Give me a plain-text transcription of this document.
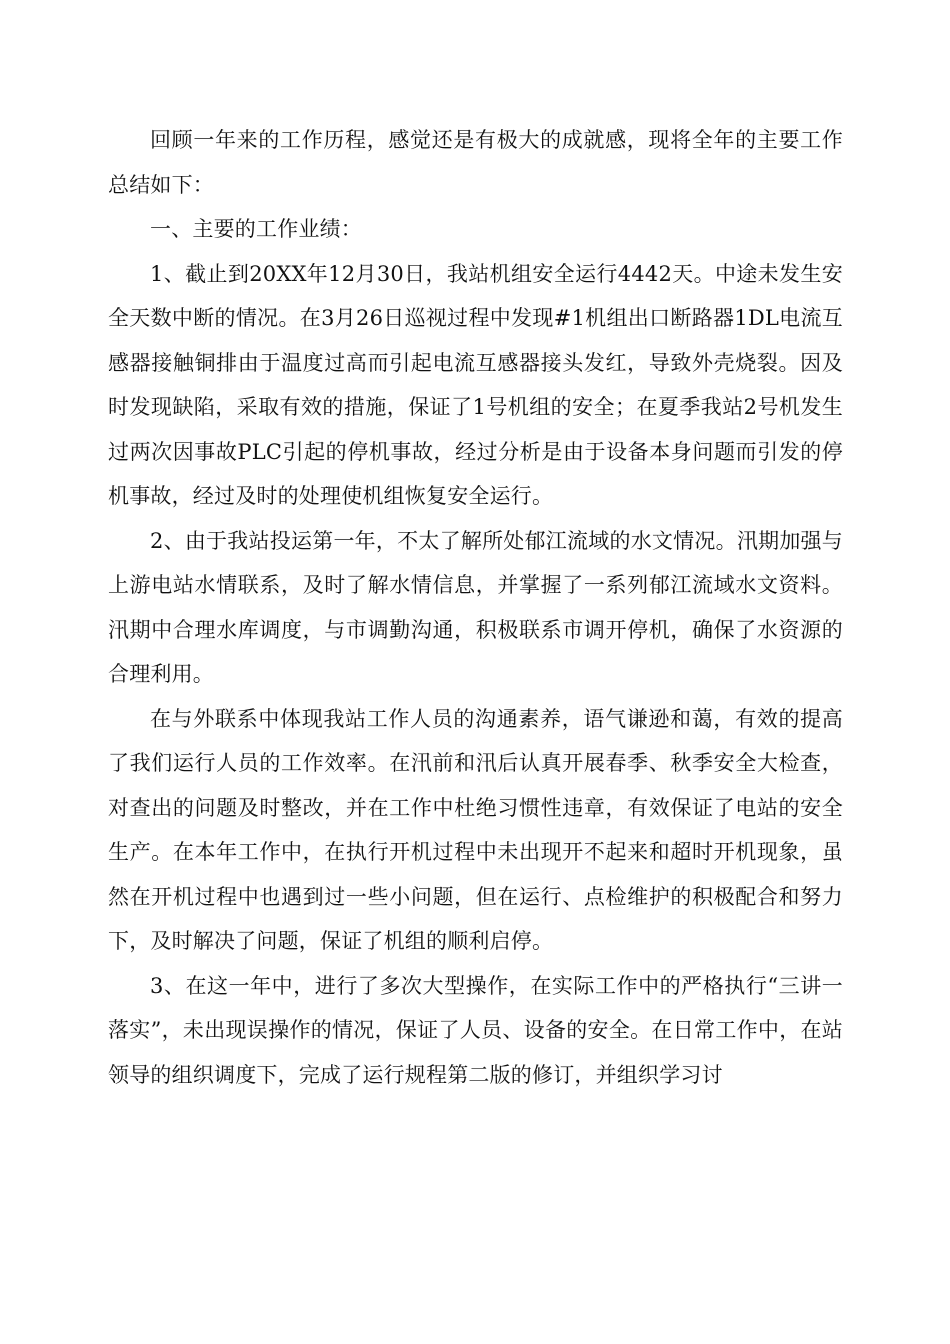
回顾一年来的工作历程，感觉还是有极大的成就感，现将全年的主要工作总结如下：

一、主要的工作业绩：

1、截止到20XX年12月30日，我站机组安全运行4442天。中途未发生安全天数中断的情况。在3月26日巡视过程中发现#1机组出口断路器1DL电流互感器接触铜排由于温度过高而引起电流互感器接头发红，导致外壳烧裂。因及时发现缺陷，采取有效的措施，保证了1号机组的安全；在夏季我站2号机发生过两次因事故PLC引起的停机事故，经过分析是由于设备本身问题而引发的停机事故，经过及时的处理使机组恢复安全运行。

2、由于我站投运第一年，不太了解所处郁江流域的水文情况。汛期加强与上游电站水情联系，及时了解水情信息，并掌握了一系列郁江流域水文资料。汛期中合理水库调度，与市调勤沟通，积极联系市调开停机，确保了水资源的合理利用。

在与外联系中体现我站工作人员的沟通素养，语气谦逊和蔼，有效的提高了我们运行人员的工作效率。在汛前和汛后认真开展春季、秋季安全大检查，对查出的问题及时整改，并在工作中杜绝习惯性违章，有效保证了电站的安全生产。在本年工作中，在执行开机过程中未出现开不起来和超时开机现象，虽然在开机过程中也遇到过一些小问题，但在运行、点检维护的积极配合和努力下，及时解决了问题，保证了机组的顺利启停。

3、在这一年中，进行了多次大型操作，在实际工作中的严格执行“三讲一落实”，未出现误操作的情况，保证了人员、设备的安全。在日常工作中，在站领导的组织调度下，完成了运行规程第二版的修订，并组织学习讨
